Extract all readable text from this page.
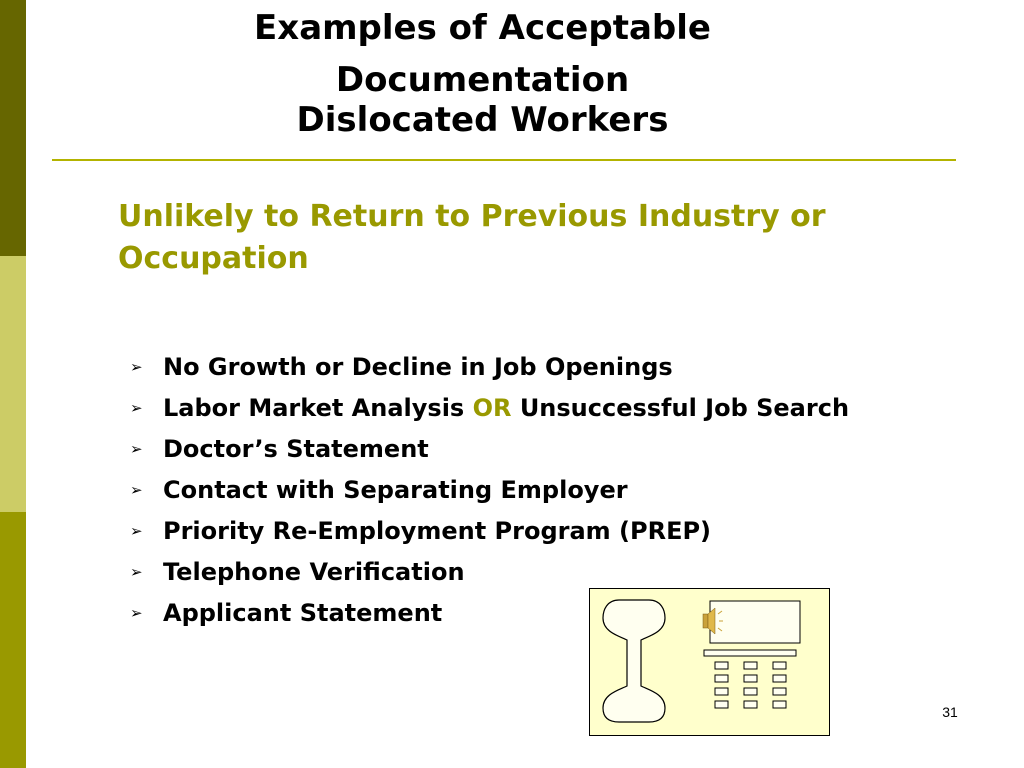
Examples of Acceptable
Documentation
Dislocated Workers
Unlikely to Return to Previous Industry or Occupation
➢ No Growth or Decline in Job Openings
➢ Labor Market Analysis OR Unsuccessful Job Search
➢ Doctor’s Statement
➢ Contact with Separating Employer
➢ Priority Re-Employment Program (PREP)
➢ Telephone Verification
➢ Applicant Statement
31
